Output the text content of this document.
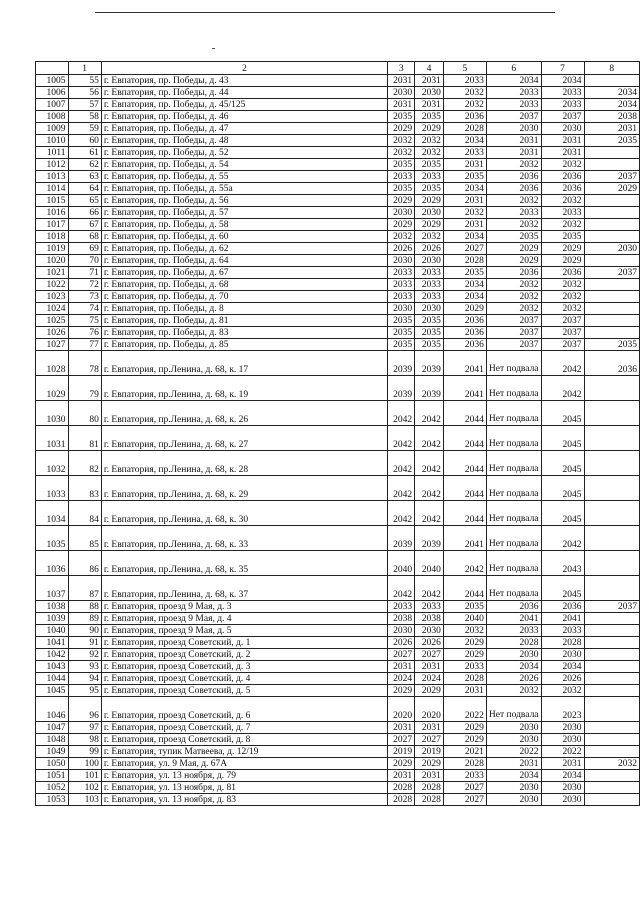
	1	2	3	4	5	6	7	8
1005	55	г. Евпатория, пр. Победы, д. 43	2031	2031	2033	2034	2034	
1006	56	г. Евпатория, пр. Победы, д. 44	2030	2030	2032	2033	2033	2034
1007	57	г. Евпатория, пр. Победы, д. 45/125	2031	2031	2032	2033	2033	2034
1008	58	г. Евпатория, пр. Победы, д. 46	2035	2035	2036	2037	2037	2038
1009	59	г. Евпатория, пр. Победы, д. 47	2029	2029	2028	2030	2030	2031
1010	60	г. Евпатория, пр. Победы, д. 48	2032	2032	2034	2031	2031	2035
1011	61	г. Евпатория, пр. Победы, д. 52	2032	2032	2033	2031	2031	
1012	62	г. Евпатория, пр. Победы, д. 54	2035	2035	2031	2032	2032	
1013	63	г. Евпатория, пр. Победы, д. 55	2033	2033	2035	2036	2036	2037
1014	64	г. Евпатория, пр. Победы, д. 55а	2035	2035	2034	2036	2036	2029
1015	65	г. Евпатория, пр. Победы, д. 56	2029	2029	2031	2032	2032	
1016	66	г. Евпатория, пр. Победы, д. 57	2030	2030	2032	2033	2033	
1017	67	г. Евпатория, пр. Победы, д. 58	2029	2029	2031	2032	2032	
1018	68	г. Евпатория, пр. Победы, д. 60	2032	2032	2034	2035	2035	
1019	69	г. Евпатория, пр. Победы, д. 62	2026	2026	2027	2029	2029	2030
1020	70	г. Евпатория, пр. Победы, д. 64	2030	2030	2028	2029	2029	
1021	71	г. Евпатория, пр. Победы, д. 67	2033	2033	2035	2036	2036	2037
1022	72	г. Евпатория, пр. Победы, д. 68	2033	2033	2034	2032	2032	
1023	73	г. Евпатория, пр. Победы, д. 70	2033	2033	2034	2032	2032	
1024	74	г. Евпатория, пр. Победы, д. 8	2030	2030	2029	2032	2032	
1025	75	г. Евпатория, пр. Победы, д. 81	2035	2035	2036	2037	2037	
1026	76	г. Евпатория, пр. Победы, д. 83	2035	2035	2036	2037	2037	
1027	77	г. Евпатория, пр. Победы, д. 85	2035	2035	2036	2037	2037	2035
1028	78	г. Евпатория, пр.Ленина, д. 68, к. 17	2039	2039	2041	Нет подвала	2042	2036
1029	79	г. Евпатория, пр.Ленина, д. 68, к. 19	2039	2039	2041	Нет подвала	2042	
1030	80	г. Евпатория, пр.Ленина, д. 68, к. 26	2042	2042	2044	Нет подвала	2045	
1031	81	г. Евпатория, пр.Ленина, д. 68, к. 27	2042	2042	2044	Нет подвала	2045	
1032	82	г. Евпатория, пр.Ленина, д. 68, к. 28	2042	2042	2044	Нет подвала	2045	
1033	83	г. Евпатория, пр.Ленина, д. 68, к. 29	2042	2042	2044	Нет подвала	2045	
1034	84	г. Евпатория, пр.Ленина, д. 68, к. 30	2042	2042	2044	Нет подвала	2045	
1035	85	г. Евпатория, пр.Ленина, д. 68, к. 33	2039	2039	2041	Нет подвала	2042	
1036	86	г. Евпатория, пр.Ленина, д. 68, к. 35	2040	2040	2042	Нет подвала	2043	
1037	87	г. Евпатория, пр.Ленина, д. 68, к. 37	2042	2042	2044	Нет подвала	2045	
1038	88	г. Евпатория, проезд 9 Мая, д. 3	2033	2033	2035	2036	2036	2037
1039	89	г. Евпатория, проезд 9 Мая, д. 4	2038	2038	2040	2041	2041	
1040	90	г. Евпатория, проезд 9 Мая, д. 5	2030	2030	2032	2033	2033	
1041	91	г. Евпатория, проезд Советский, д. 1	2026	2026	2029	2028	2028	
1042	92	г. Евпатория, проезд Советский, д. 2	2027	2027	2029	2030	2030	
1043	93	г. Евпатория, проезд Советский, д. 3	2031	2031	2033	2034	2034	
1044	94	г. Евпатория, проезд Советский, д. 4	2024	2024	2028	2026	2026	
1045	95	г. Евпатория, проезд Советский, д. 5	2029	2029	2031	2032	2032	
1046	96	г. Евпатория, проезд Советский, д. 6	2020	2020	2022	Нет подвала	2023	
1047	97	г. Евпатория, проезд Советский, д. 7	2031	2031	2029	2030	2030	
1048	98	г. Евпатория, проезд Советский, д. 8	2027	2027	2029	2030	2030	
1049	99	г. Евпатория, тупик Матвеева, д. 12/19	2019	2019	2021	2022	2022	
1050	100	г. Евпатория, ул. 9 Мая, д. 67А	2029	2029	2028	2031	2031	2032
1051	101	г. Евпатория, ул. 13 ноября, д. 79	2031	2031	2033	2034	2034	
1052	102	г. Евпатория, ул. 13 ноября, д. 81	2028	2028	2027	2030	2030	
1053	103	г. Евпатория, ул. 13 ноября, д. 83	2028	2028	2027	2030	2030	
